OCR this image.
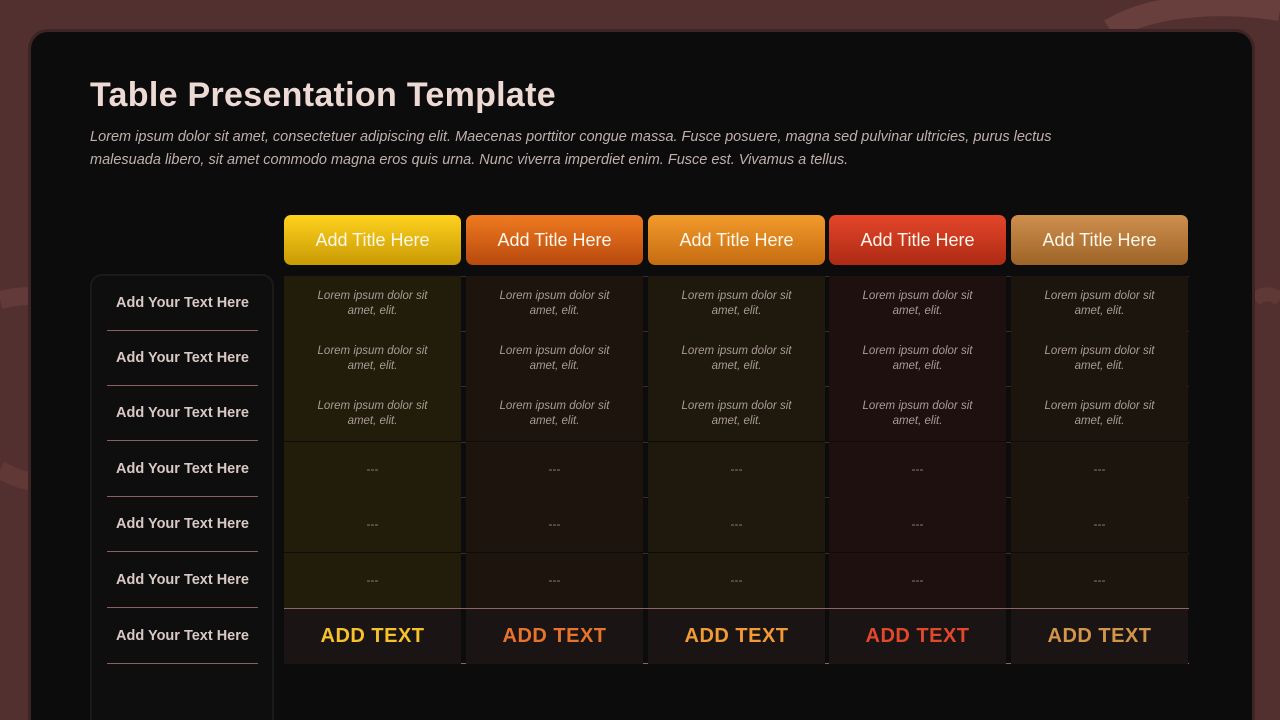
Table Presentation Template
Lorem ipsum dolor sit amet, consectetuer adipiscing elit. Maecenas porttitor congue massa. Fusce posuere, magna sed pulvinar ultricies, purus lectus malesuada libero, sit amet commodo magna eros quis urna. Nunc viverra imperdiet enim. Fusce est. Vivamus a tellus.
Add Your Text Here
Add Your Text Here
Add Your Text Here
Add Your Text Here
Add Your Text Here
Add Your Text Here
Add Your Text Here
Add Title Here
Lorem ipsum dolor sit amet, elit.
Lorem ipsum dolor sit amet, elit.
Lorem ipsum dolor sit amet, elit.
---
---
---
ADD TEXT
Add Title Here
Lorem ipsum dolor sit amet, elit.
Lorem ipsum dolor sit amet, elit.
Lorem ipsum dolor sit amet, elit.
---
---
---
ADD TEXT
Add Title Here
Lorem ipsum dolor sit amet, elit.
Lorem ipsum dolor sit amet, elit.
Lorem ipsum dolor sit amet, elit.
---
---
---
ADD TEXT
Add Title Here
Lorem ipsum dolor sit amet, elit.
Lorem ipsum dolor sit amet, elit.
Lorem ipsum dolor sit amet, elit.
---
---
---
ADD TEXT
Add Title Here
Lorem ipsum dolor sit amet, elit.
Lorem ipsum dolor sit amet, elit.
Lorem ipsum dolor sit amet, elit.
---
---
---
ADD TEXT
